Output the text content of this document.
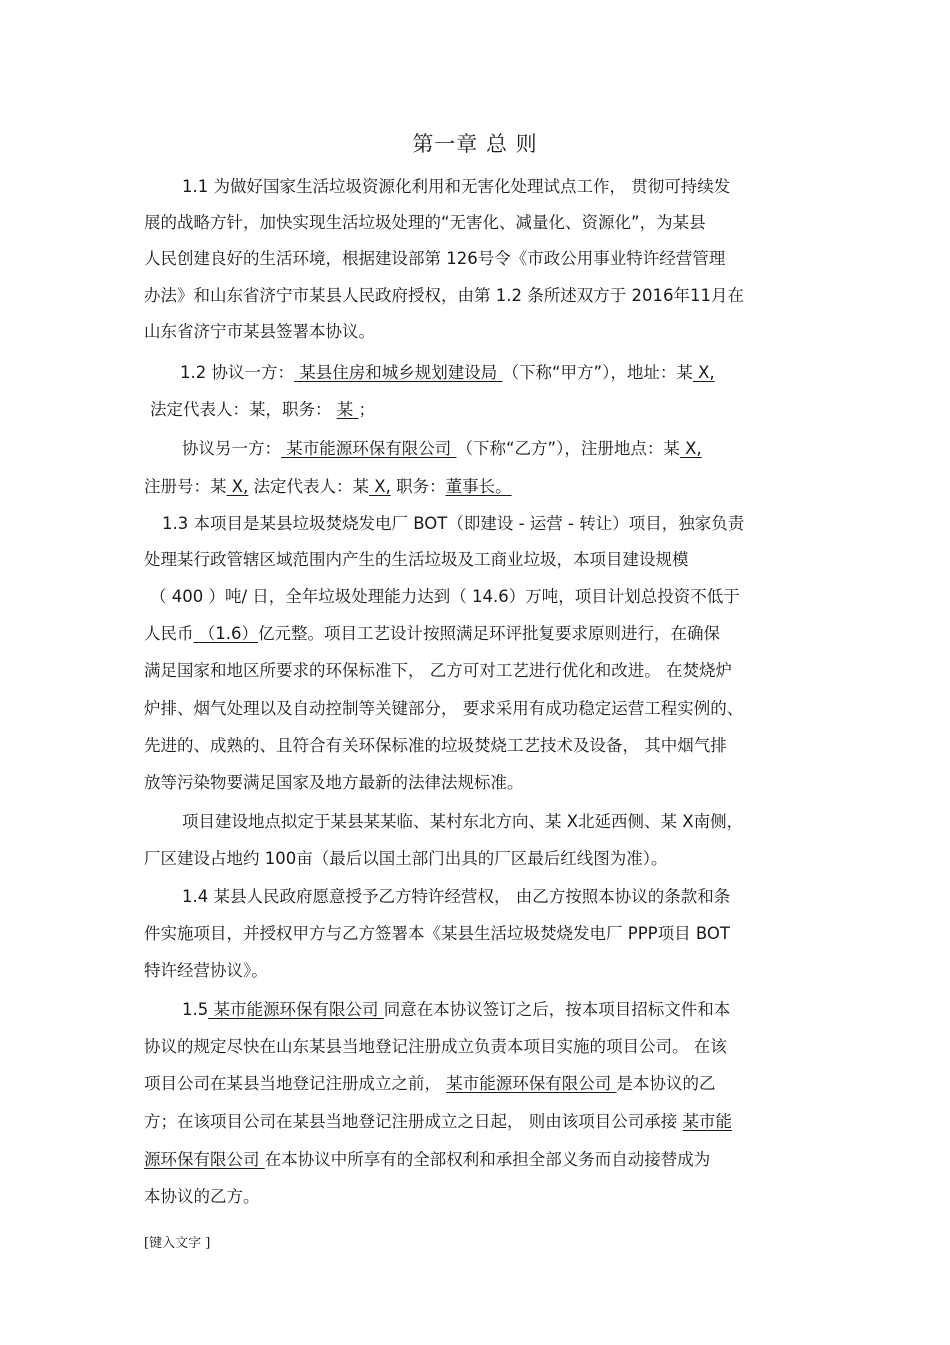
第一章 总 则
1.1 为做好国家生活垃圾资源化利用和无害化处理试点工作， 贯彻可持续发
展的战略方针，加快实现生活垃圾处理的“无害化、减量化、资源化”，为某县
人民创建良好的生活环境，根据建设部第 126号令《市政公用事业特许经营管理
办法》和山东省济宁市某县人民政府授权，由第 1.2 条所述双方于 2016年11月在
山东省济宁市某县签署本协议。
1.2 协议一方： 某县住房和城乡规划建设局 （下称“甲方”），地址：某 X,
法定代表人：某，职务： 某 ；
协议另一方： 某市能源环保有限公司 （下称“乙方”），注册地点：某 X,
注册号：某 X, 法定代表人：某 X, 职务：董事长。
1.3 本项目是某县垃圾焚烧发电厂 BOT（即建设 - 运营 - 转让）项目，独家负责
处理某行政管辖区域范围内产生的生活垃圾及工商业垃圾，本项目建设规模
（ 400 ）吨/ 日，全年垃圾处理能力达到（ 14.6）万吨，项目计划总投资不低于
人民币 （1.6）亿元整。项目工艺设计按照满足环评批复要求原则进行，在确保
满足国家和地区所要求的环保标准下， 乙方可对工艺进行优化和改进。 在焚烧炉
炉排、烟气处理以及自动控制等关键部分， 要求采用有成功稳定运营工程实例的、
先进的、成熟的、且符合有关环保标准的垃圾焚烧工艺技术及设备， 其中烟气排
放等污染物要满足国家及地方最新的法律法规标准。
项目建设地点拟定于某县某某临、某村东北方向、某 X北延西侧、某 X南侧，
厂区建设占地约 100亩（最后以国土部门出具的厂区最后红线图为准）。
1.4 某县人民政府愿意授予乙方特许经营权， 由乙方按照本协议的条款和条
件实施项目，并授权甲方与乙方签署本《某县生活垃圾焚烧发电厂 PPP项目 BOT
特许经营协议》。
1.5 某市能源环保有限公司 同意在本协议签订之后，按本项目招标文件和本
协议的规定尽快在山东某县当地登记注册成立负责本项目实施的项目公司。 在该
项目公司在某县当地登记注册成立之前， 某市能源环保有限公司 是本协议的乙
方；在该项目公司在某县当地登记注册成立之日起， 则由该项目公司承接 某市能
源环保有限公司 在本协议中所享有的全部权利和承担全部义务而自动接替成为
本协议的乙方。
[键入文字 ]
